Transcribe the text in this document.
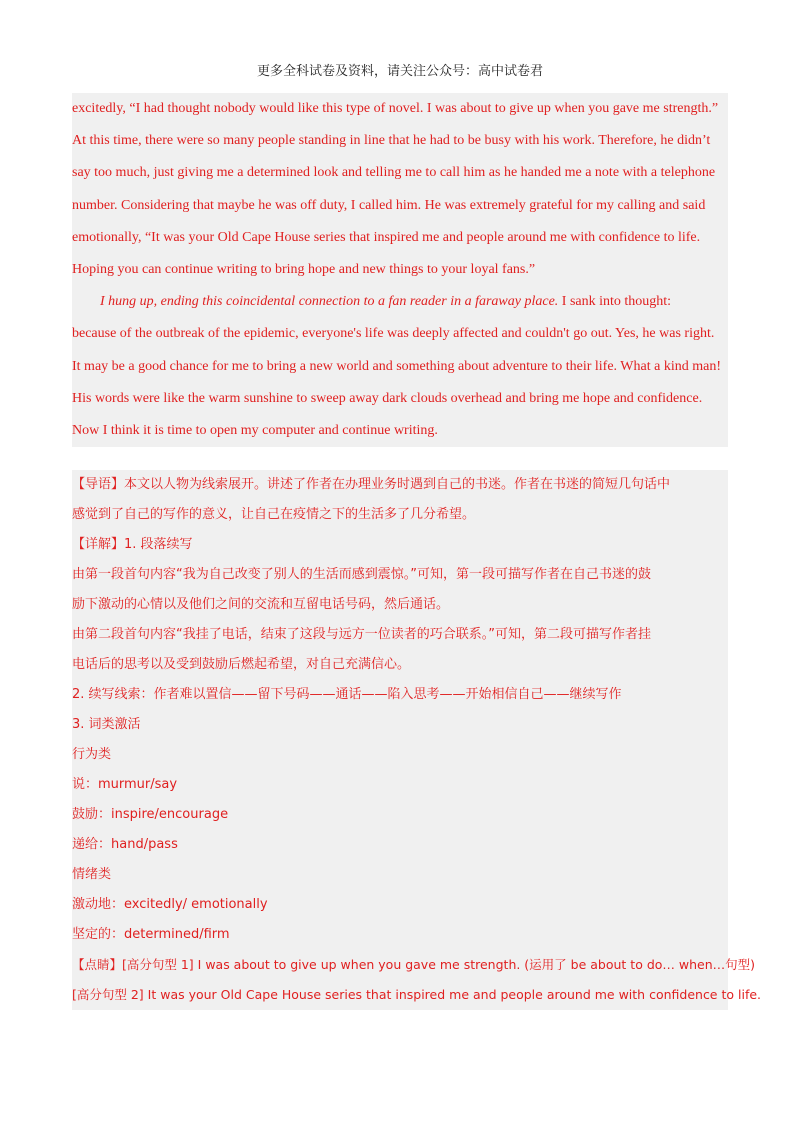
更多全科试卷及资料，请关注公众号：高中试卷君
excitedly, “I had thought nobody would like this type of novel. I was about to give up when you gave me strength.”
At this time, there were so many people standing in line that he had to be busy with his work. Therefore, he didn’t
say too much, just giving me a determined look and telling me to call him as he handed me a note with a telephone
number. Considering that maybe he was off duty, I called him. He was extremely grateful for my calling and said
emotionally, “It was your Old Cape House series that inspired me and people around me with confidence to life.
Hoping you can continue writing to bring hope and new things to your loyal fans.”
I hung up, ending this coincidental connection to a fan reader in a faraway place. I sank into thought:
because of the outbreak of the epidemic, everyone's life was deeply affected and couldn't go out. Yes, he was right.
It may be a good chance for me to bring a new world and something about adventure to their life. What a kind man!
His words were like the warm sunshine to sweep away dark clouds overhead and bring me hope and confidence.
Now I think it is time to open my computer and continue writing.
【导语】本文以人物为线索展开。讲述了作者在办理业务时遇到自己的书迷。作者在书迷的简短几句话中
感觉到了自己的写作的意义，让自己在疫情之下的生活多了几分希望。
【详解】1. 段落续写
由第一段首句内容“我为自己改变了别人的生活而感到震惊。”可知，第一段可描写作者在自己书迷的鼓
励下激动的心情以及他们之间的交流和互留电话号码，然后通话。
由第二段首句内容“我挂了电话，结束了这段与远方一位读者的巧合联系。”可知，第二段可描写作者挂
电话后的思考以及受到鼓励后燃起希望，对自己充满信心。
2. 续写线索：作者难以置信——留下号码——通话——陷入思考——开始相信自己——继续写作
3. 词类激活
行为类
说：murmur/say
鼓励：inspire/encourage
递给：hand/pass
情绪类
激动地：excitedly/ emotionally
坚定的：determined/firm
【点睛】[高分句型 1] I was about to give up when you gave me strength. (运用了 be about to do… when…句型)
[高分句型 2] It was your Old Cape House series that inspired me and people around me with confidence to life.
